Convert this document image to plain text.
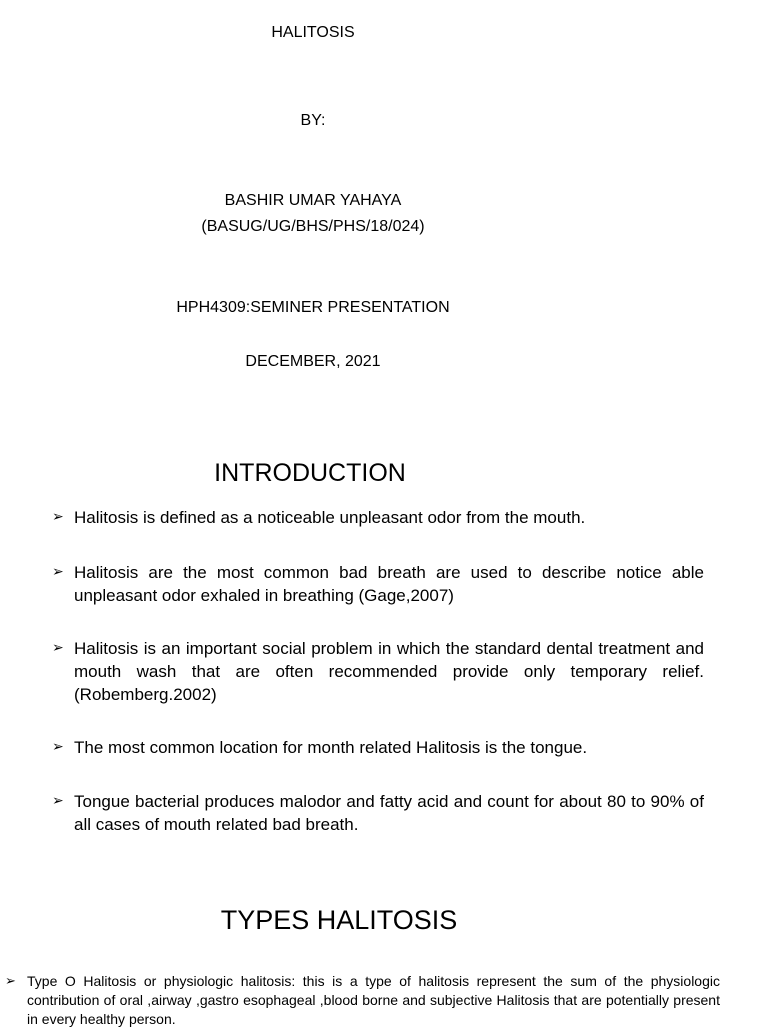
HALITOSIS
BY:
BASHIR UMAR YAHAYA
(BASUG/UG/BHS/PHS/18/024)
HPH4309:SEMINER PRESENTATION
DECEMBER, 2021
INTRODUCTION
➢ Halitosis is defined as a noticeable unpleasant odor from the mouth.
➢ Halitosis are the most common bad breath are used to describe notice able unpleasant odor exhaled in breathing (Gage,2007)
➢ Halitosis is an important social problem in which the standard dental treatment and mouth wash that are often recommended provide only temporary relief. (Robemberg.2002)
➢ The most common location for month related Halitosis is the tongue.
➢ Tongue bacterial produces malodor and fatty acid and count for about 80 to 90% of all cases of mouth related bad breath.
TYPES HALITOSIS
➢ Type O Halitosis or physiologic halitosis: this is a type of halitosis represent the sum of the physiologic contribution of oral ,airway ,gastro esophageal ,blood borne and subjective Halitosis that are potentially present in every healthy person.
